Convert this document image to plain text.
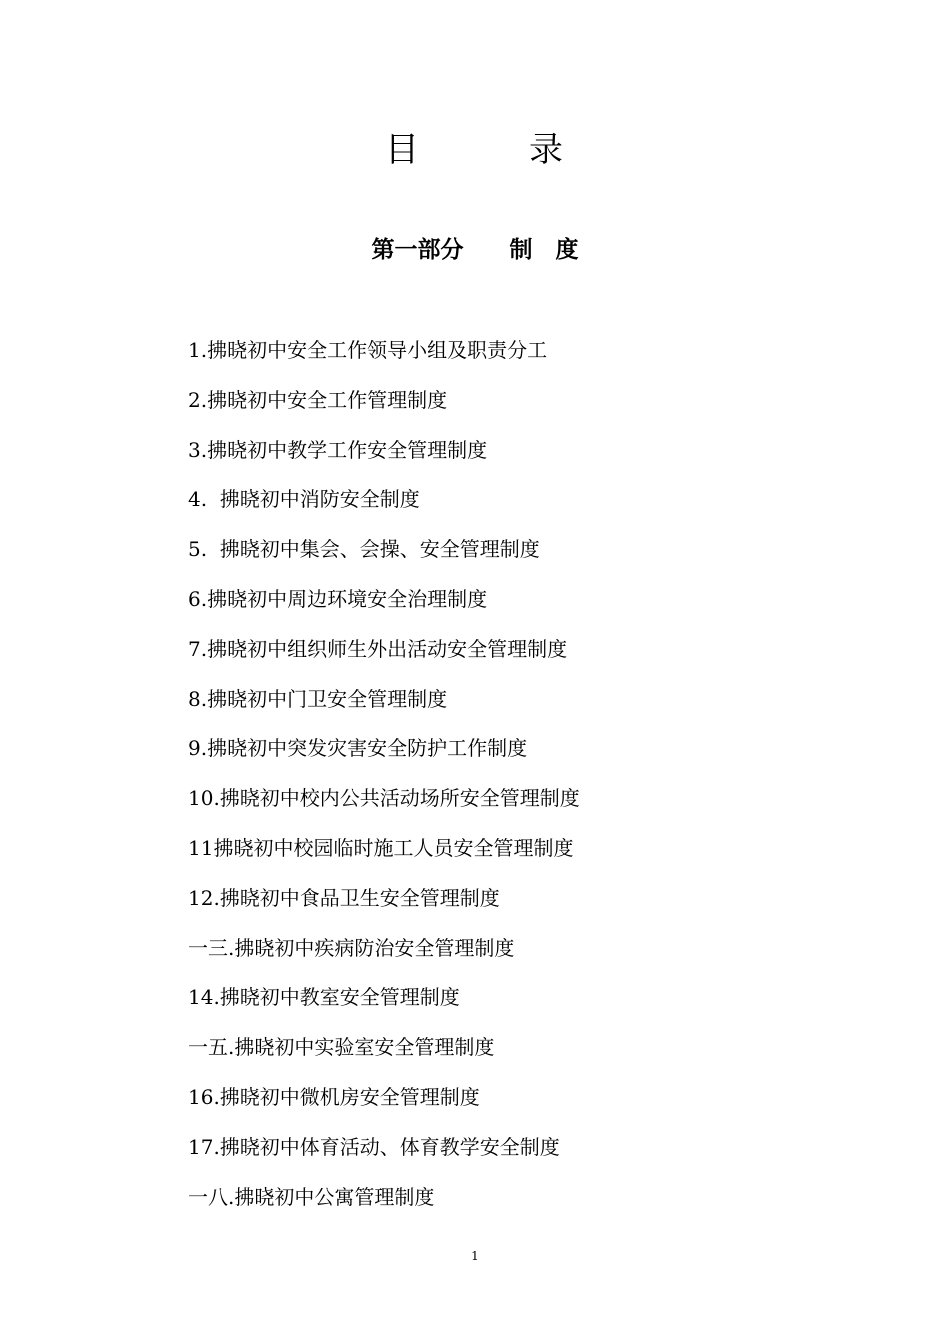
目　　　录
第一部分　　制　度
1.拂晓初中安全工作领导小组及职责分工
2.拂晓初中安全工作管理制度
3.拂晓初中教学工作安全管理制度
4.  拂晓初中消防安全制度
5.  拂晓初中集会、会操、安全管理制度
6.拂晓初中周边环境安全治理制度
7.拂晓初中组织师生外出活动安全管理制度
8.拂晓初中门卫安全管理制度
9.拂晓初中突发灾害安全防护工作制度
10.拂晓初中校内公共活动场所安全管理制度
11拂晓初中校园临时施工人员安全管理制度
12.拂晓初中食品卫生安全管理制度
一三.拂晓初中疾病防治安全管理制度
14.拂晓初中教室安全管理制度
一五.拂晓初中实验室安全管理制度
16.拂晓初中微机房安全管理制度
17.拂晓初中体育活动、体育教学安全制度
一八.拂晓初中公寓管理制度
1
